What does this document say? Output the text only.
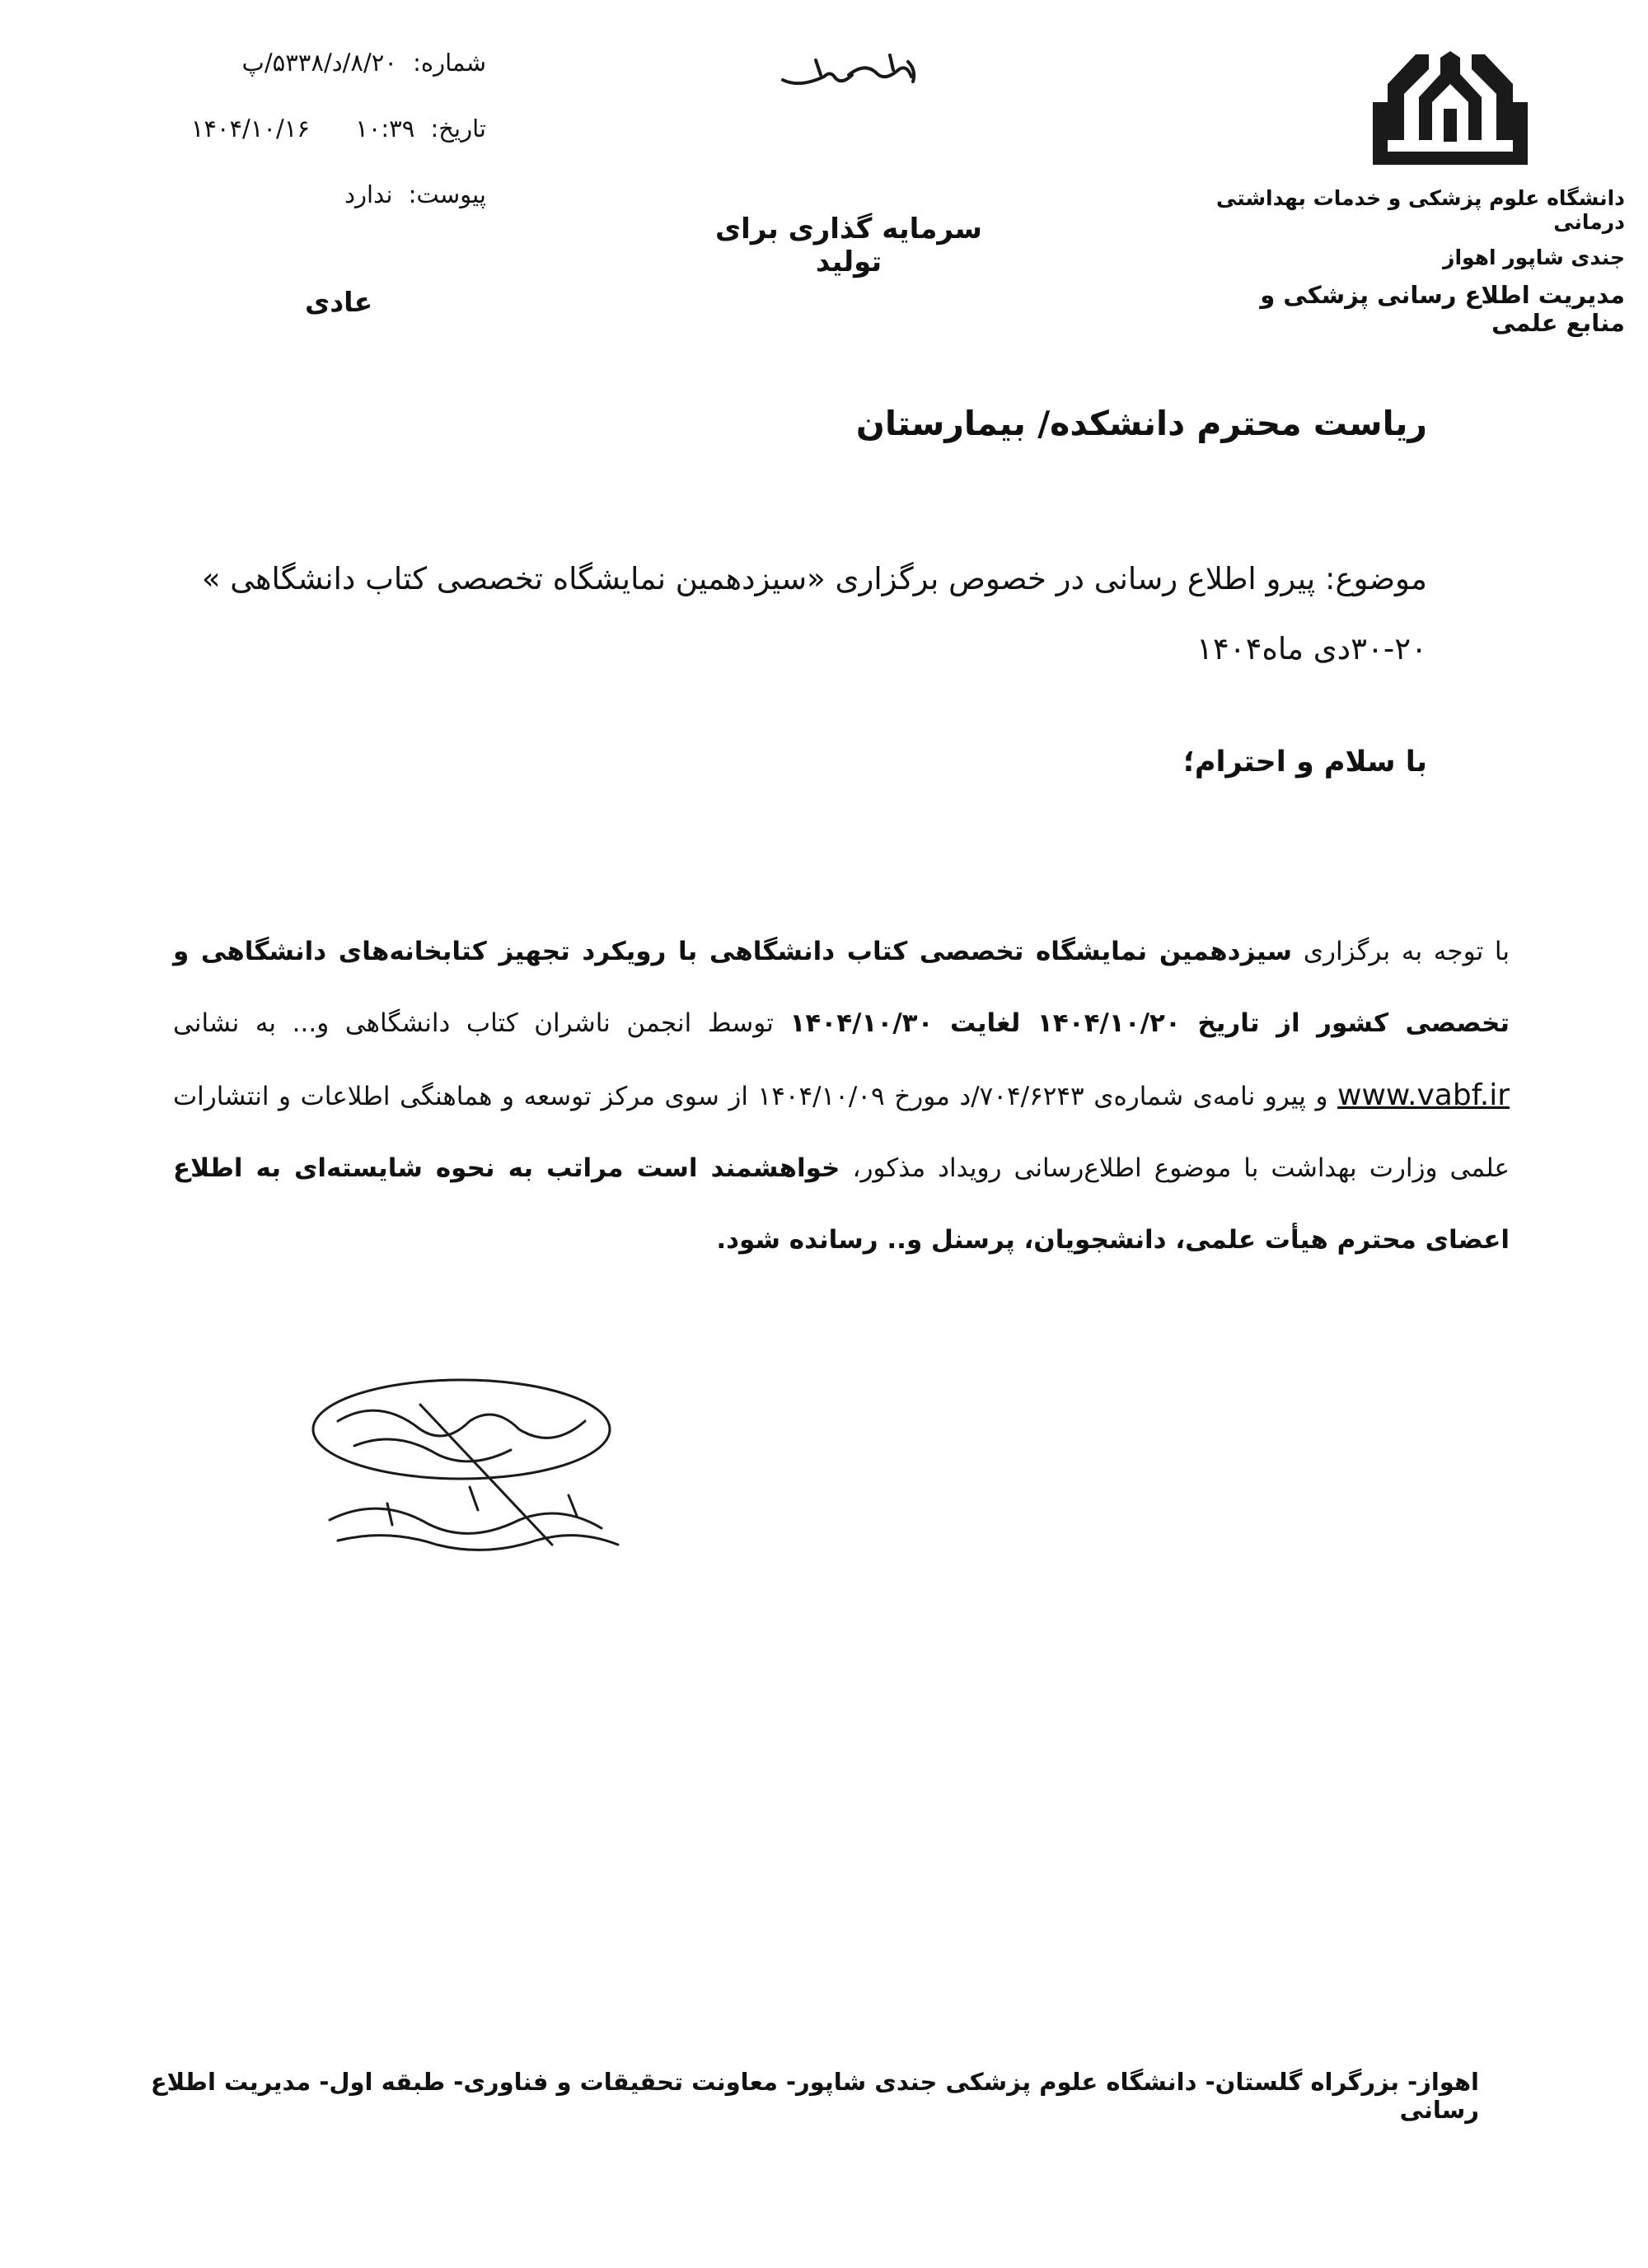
دانشگاه علوم پزشکی و خدمات بهداشتی درمانی
جندی شاپور اهواز
مدیریت اطلاع رسانی پزشکی و منابع علمی
سرمایه گذاری برای تولید
شماره: ۸/۲۰/د/۵۳۳۸/پ
تاریخ: ۱۰:۳۹      ۱۴۰۴/۱۰/۱۶
پیوست: ندارد
عادی
ریاست محترم دانشکده/ بیمارستان
موضوع: پیرو اطلاع رسانی در خصوص برگزاری «سیزدهمین نمایشگاه تخصصی کتاب دانشگاهی »
۳۰-۲۰دی ماه۱۴۰۴
با سلام و احترام؛
با توجه به برگزاری سیزدهمین نمایشگاه تخصصی کتاب دانشگاهی با رویکرد تجهیز کتابخانه‌های دانشگاهی و تخصصی کشور از تاریخ ۱۴۰۴/۱۰/۲۰ لغایت ۱۴۰۴/۱۰/۳۰ توسط انجمن ناشران کتاب دانشگاهی و... به نشانی www.vabf.ir و پیرو نامه‌ی شماره‌ی ۷۰۴/۶۲۴۳/د مورخ ۱۴۰۴/۱۰/۰۹ از سوی مرکز توسعه و هماهنگی اطلاعات و انتشارات علمی وزارت بهداشت با موضوع اطلاع‌رسانی رویداد مذکور، خواهشمند است مراتب به نحوه شایسته‌ای به اطلاع اعضای محترم هیأت علمی، دانشجویان، پرسنل و.. رسانده شود.
اهواز- بزرگراه گلستان- دانشگاه علوم پزشکی جندی شاپور- معاونت تحقیقات و فناوری- طبقه اول- مدیریت اطلاع رسانی
